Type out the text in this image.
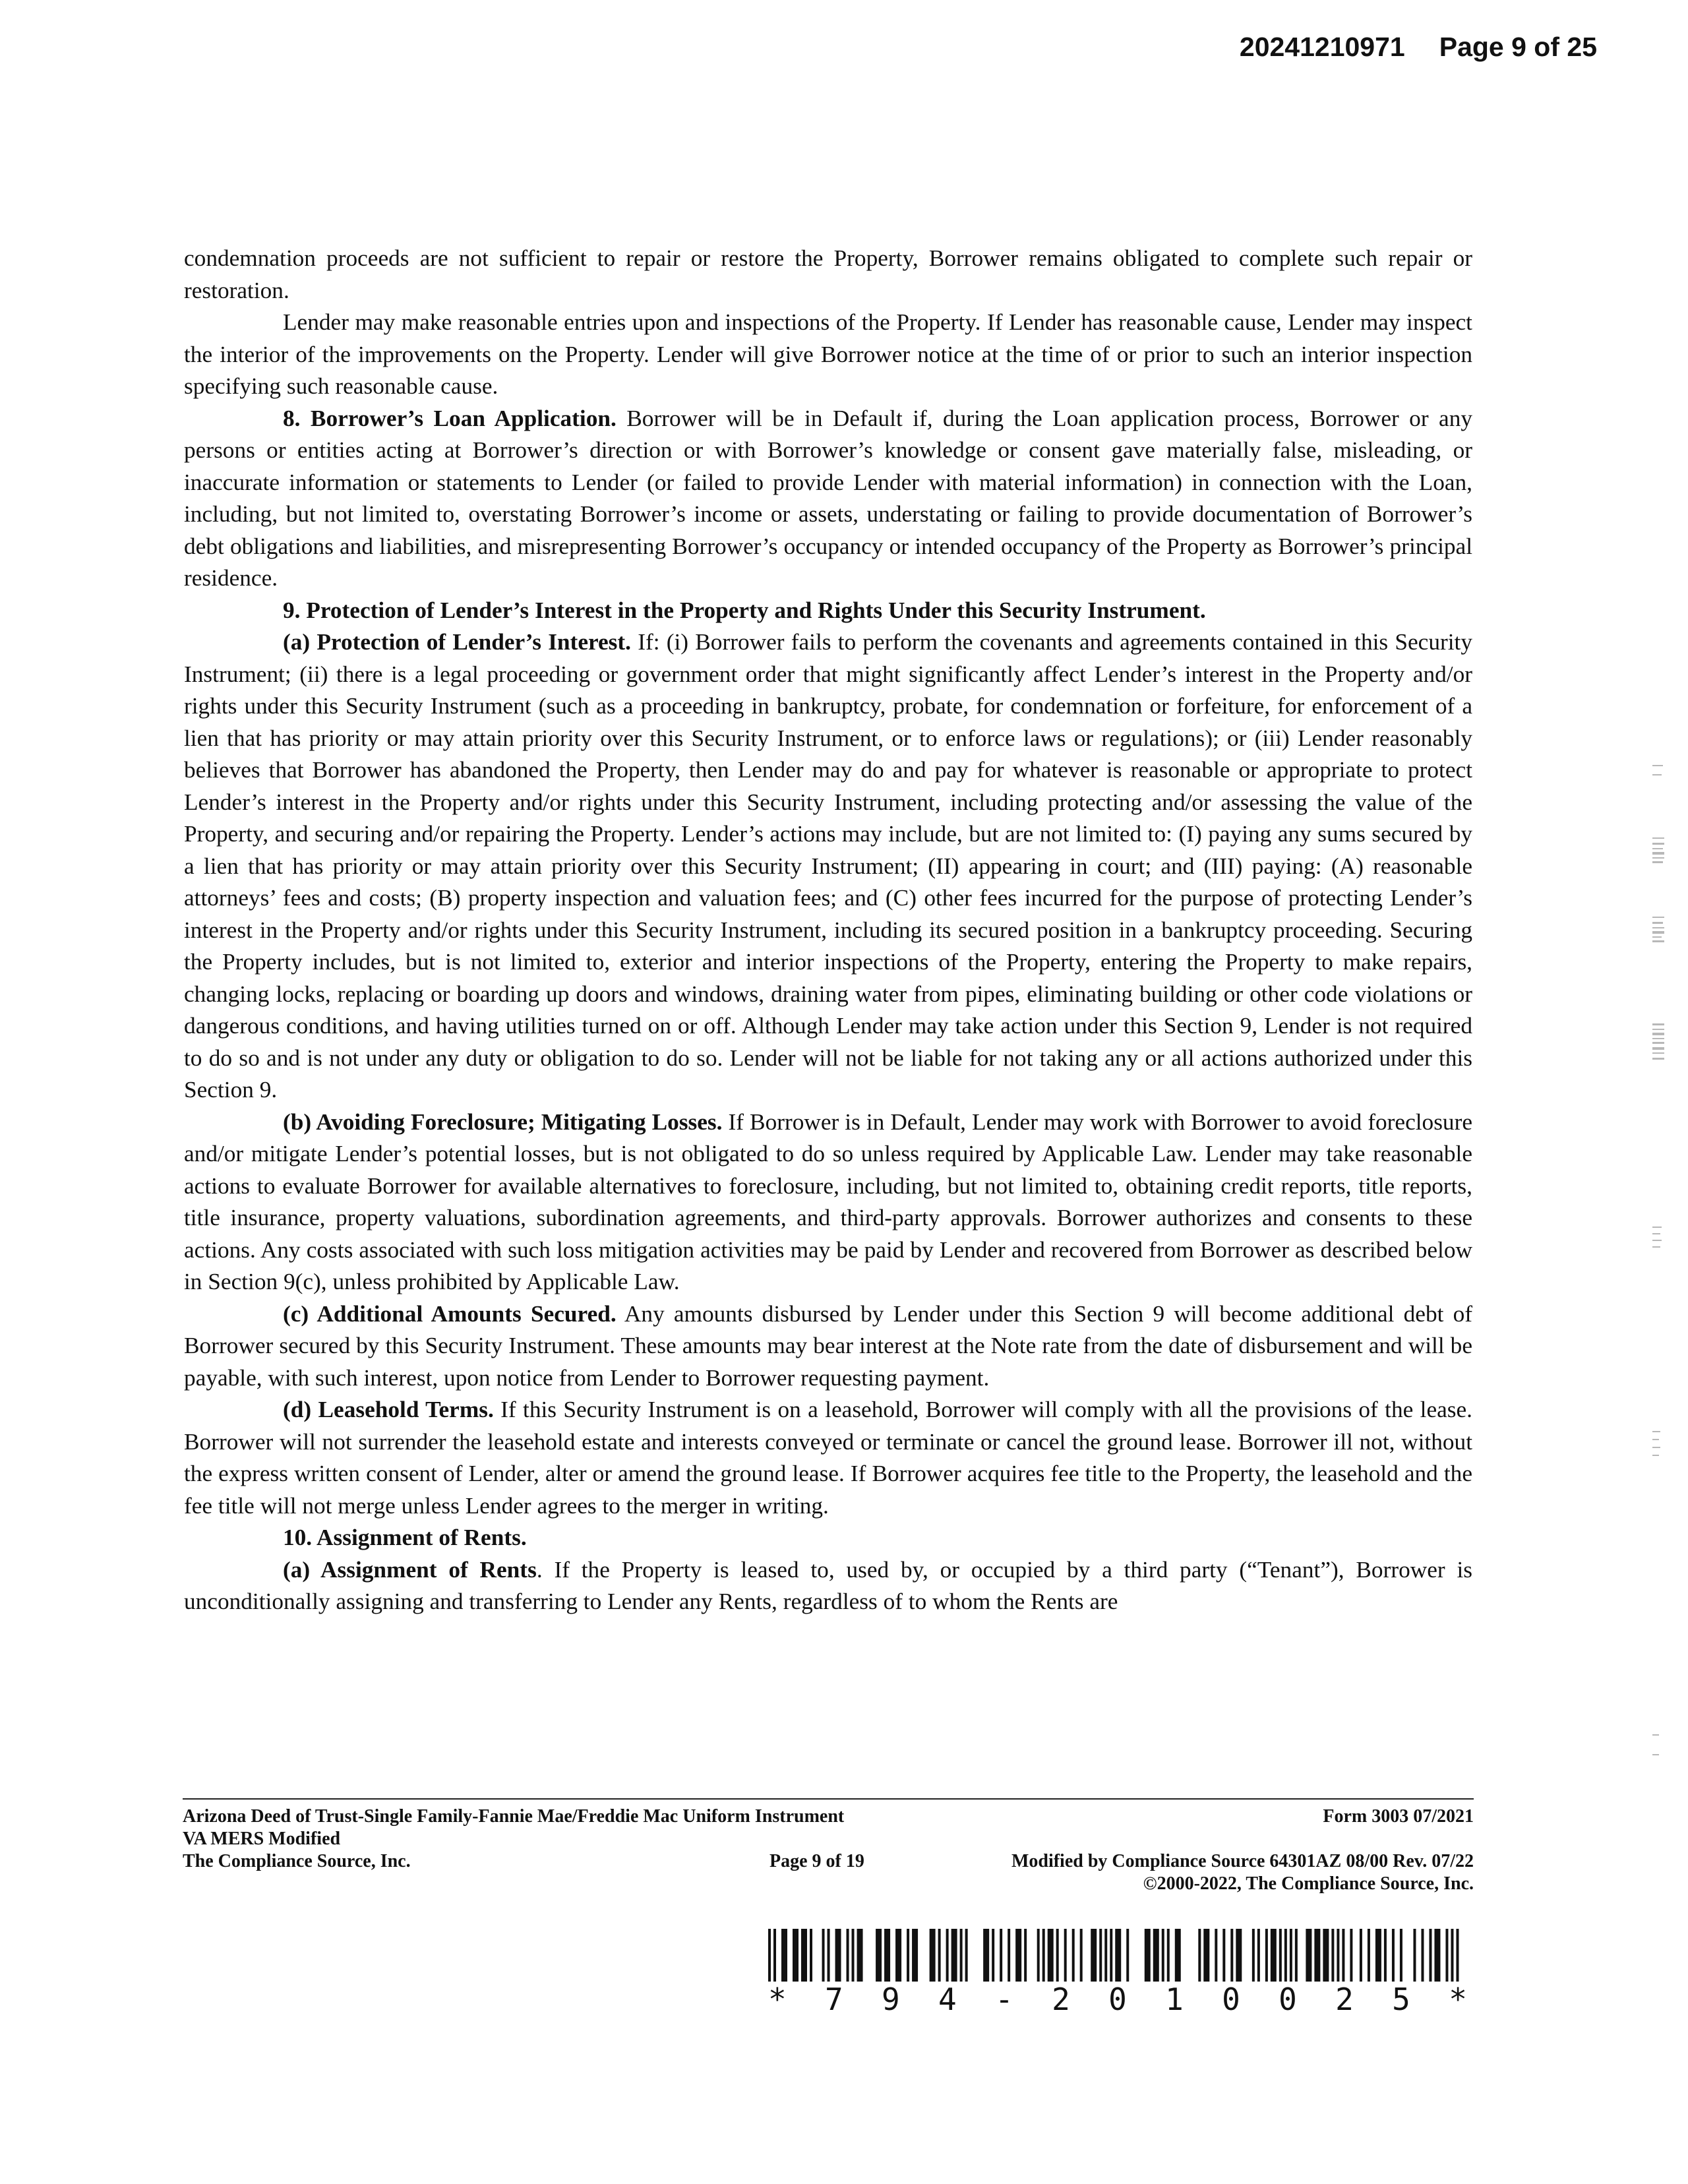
20241210971 Page 9 of 25

condemnation proceeds are not sufficient to repair or restore the Property, Borrower remains obligated to complete such repair or restoration.

Lender may make reasonable entries upon and inspections of the Property. If Lender has reasonable cause, Lender may inspect the interior of the improvements on the Property. Lender will give Borrower notice at the time of or prior to such an interior inspection specifying such reasonable cause.

8. Borrower’s Loan Application. Borrower will be in Default if, during the Loan application process, Borrower or any persons or entities acting at Borrower’s direction or with Borrower’s knowledge or consent gave materially false, misleading, or inaccurate information or statements to Lender (or failed to provide Lender with material information) in connection with the Loan, including, but not limited to, overstating Borrower’s income or assets, understating or failing to provide documentation of Borrower’s debt obligations and liabilities, and misrepresenting Borrower’s occupancy or intended occupancy of the Property as Borrower’s principal residence.

9. Protection of Lender’s Interest in the Property and Rights Under this Security Instrument.

(a) Protection of Lender’s Interest. If: (i) Borrower fails to perform the covenants and agreements contained in this Security Instrument; (ii) there is a legal proceeding or government order that might significantly affect Lender’s interest in the Property and/or rights under this Security Instrument (such as a proceeding in bankruptcy, probate, for condemnation or forfeiture, for enforcement of a lien that has priority or may attain priority over this Security Instrument, or to enforce laws or regulations); or (iii) Lender reasonably believes that Borrower has abandoned the Property, then Lender may do and pay for whatever is reasonable or appropriate to protect Lender’s interest in the Property and/or rights under this Security Instrument, including protecting and/or assessing the value of the Property, and securing and/or repairing the Property. Lender’s actions may include, but are not limited to: (I) paying any sums secured by a lien that has priority or may attain priority over this Security Instrument; (II) appearing in court; and (III) paying: (A) reasonable attorneys’ fees and costs; (B) property inspection and valuation fees; and (C) other fees incurred for the purpose of protecting Lender’s interest in the Property and/or rights under this Security Instrument, including its secured position in a bankruptcy proceeding. Securing the Property includes, but is not limited to, exterior and interior inspections of the Property, entering the Property to make repairs, changing locks, replacing or boarding up doors and windows, draining water from pipes, eliminating building or other code violations or dangerous conditions, and having utilities turned on or off. Although Lender may take action under this Section 9, Lender is not required to do so and is not under any duty or obligation to do so. Lender will not be liable for not taking any or all actions authorized under this Section 9.

(b) Avoiding Foreclosure; Mitigating Losses. If Borrower is in Default, Lender may work with Borrower to avoid foreclosure and/or mitigate Lender’s potential losses, but is not obligated to do so unless required by Applicable Law. Lender may take reasonable actions to evaluate Borrower for available alternatives to foreclosure, including, but not limited to, obtaining credit reports, title reports, title insurance, property valuations, subordination agreements, and third-party approvals. Borrower authorizes and consents to these actions. Any costs associated with such loss mitigation activities may be paid by Lender and recovered from Borrower as described below in Section 9(c), unless prohibited by Applicable Law.

(c) Additional Amounts Secured. Any amounts disbursed by Lender under this Section 9 will become additional debt of Borrower secured by this Security Instrument. These amounts may bear interest at the Note rate from the date of disbursement and will be payable, with such interest, upon notice from Lender to Borrower requesting payment.

(d) Leasehold Terms. If this Security Instrument is on a leasehold, Borrower will comply with all the provisions of the lease. Borrower will not surrender the leasehold estate and interests conveyed or terminate or cancel the ground lease. Borrower ill not, without the express written consent of Lender, alter or amend the ground lease. If Borrower acquires fee title to the Property, the leasehold and the fee title will not merge unless Lender agrees to the merger in writing.

10. Assignment of Rents.

(a) Assignment of Rents. If the Property is leased to, used by, or occupied by a third party (“Tenant”), Borrower is unconditionally assigning and transferring to Lender any Rents, regardless of to whom the Rents are

Arizona Deed of Trust-Single Family-Fannie Mae/Freddie Mac Uniform Instrument	Form 3003 07/2021
VA MERS Modified
The Compliance Source, Inc.	Page 9 of 19	Modified by Compliance Source 64301AZ 08/00 Rev. 07/22
©2000-2022, The Compliance Source, Inc.
* 7 9 4 - 2 0 1 0 0 2 5 *
